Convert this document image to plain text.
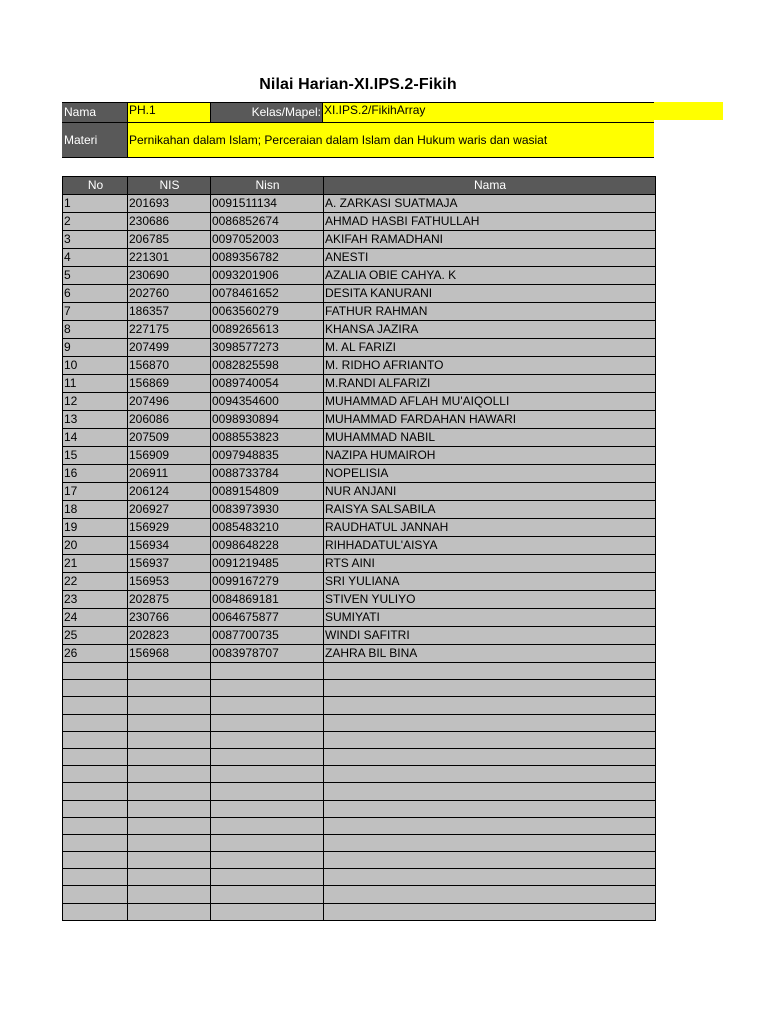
Nilai Harian-XI.IPS.2-Fikih
Nama	PH.1	Kelas/Mapel: XI.IPS.2/FikihArray
Materi	Pernikahan dalam Islam; Perceraian dalam Islam dan Hukum waris dan wasiat
No	NIS	Nisn	Nama
1	201693	0091511134	A. ZARKASI SUATMAJA
2	230686	0086852674	AHMAD HASBI FATHULLAH
3	206785	0097052003	AKIFAH RAMADHANI
4	221301	0089356782	ANESTI
5	230690	0093201906	AZALIA OBIE CAHYA. K
6	202760	0078461652	DESITA KANURANI
7	186357	0063560279	FATHUR RAHMAN
8	227175	0089265613	KHANSA JAZIRA
9	207499	3098577273	M. AL FARIZI
10	156870	0082825598	M. RIDHO AFRIANTO
11	156869	0089740054	M.RANDI ALFARIZI
12	207496	0094354600	MUHAMMAD AFLAH MU'AIQOLLI
13	206086	0098930894	MUHAMMAD FARDAHAN HAWARI
14	207509	0088553823	MUHAMMAD NABIL
15	156909	0097948835	NAZIPA HUMAIROH
16	206911	0088733784	NOPELISIA
17	206124	0089154809	NUR ANJANI
18	206927	0083973930	RAISYA SALSABILA
19	156929	0085483210	RAUDHATUL JANNAH
20	156934	0098648228	RIHHADATUL'AISYA
21	156937	0091219485	RTS AINI
22	156953	0099167279	SRI YULIANA
23	202875	0084869181	STIVEN YULIYO
24	230766	0064675877	SUMIYATI
25	202823	0087700735	WINDI SAFITRI
26	156968	0083978707	ZAHRA BIL BINA
